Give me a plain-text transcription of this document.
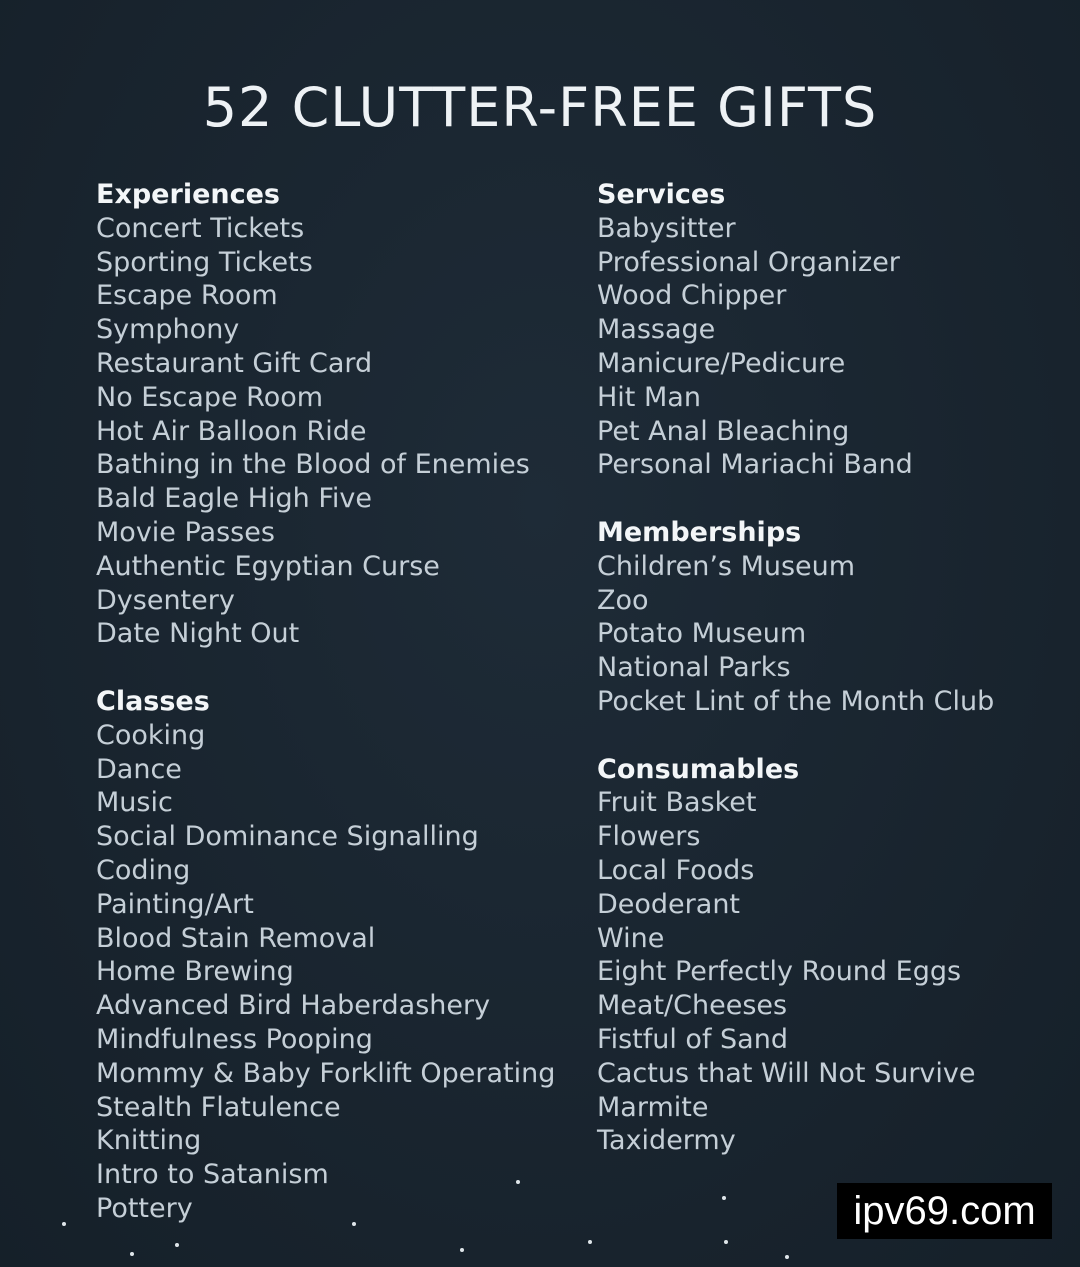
52 CLUTTER-FREE GIFTS
Experiences
Concert Tickets
Sporting Tickets
Escape Room
Symphony
Restaurant Gift Card
No Escape Room
Hot Air Balloon Ride
Bathing in the Blood of Enemies
Bald Eagle High Five
Movie Passes
Authentic Egyptian Curse
Dysentery
Date Night Out
Classes
Cooking
Dance
Music
Social Dominance Signalling
Coding
Painting/Art
Blood Stain Removal
Home Brewing
Advanced Bird Haberdashery
Mindfulness Pooping
Mommy & Baby Forklift Operating
Stealth Flatulence
Knitting
Intro to Satanism
Pottery
Services
Babysitter
Professional Organizer
Wood Chipper
Massage
Manicure/Pedicure
Hit Man
Pet Anal Bleaching
Personal Mariachi Band
Memberships
Children’s Museum
Zoo
Potato Museum
National Parks
Pocket Lint of the Month Club
Consumables
Fruit Basket
Flowers
Local Foods
Deoderant
Wine
Eight Perfectly Round Eggs
Meat/Cheeses
Fistful of Sand
Cactus that Will Not Survive
Marmite
Taxidermy
ipv69.com
